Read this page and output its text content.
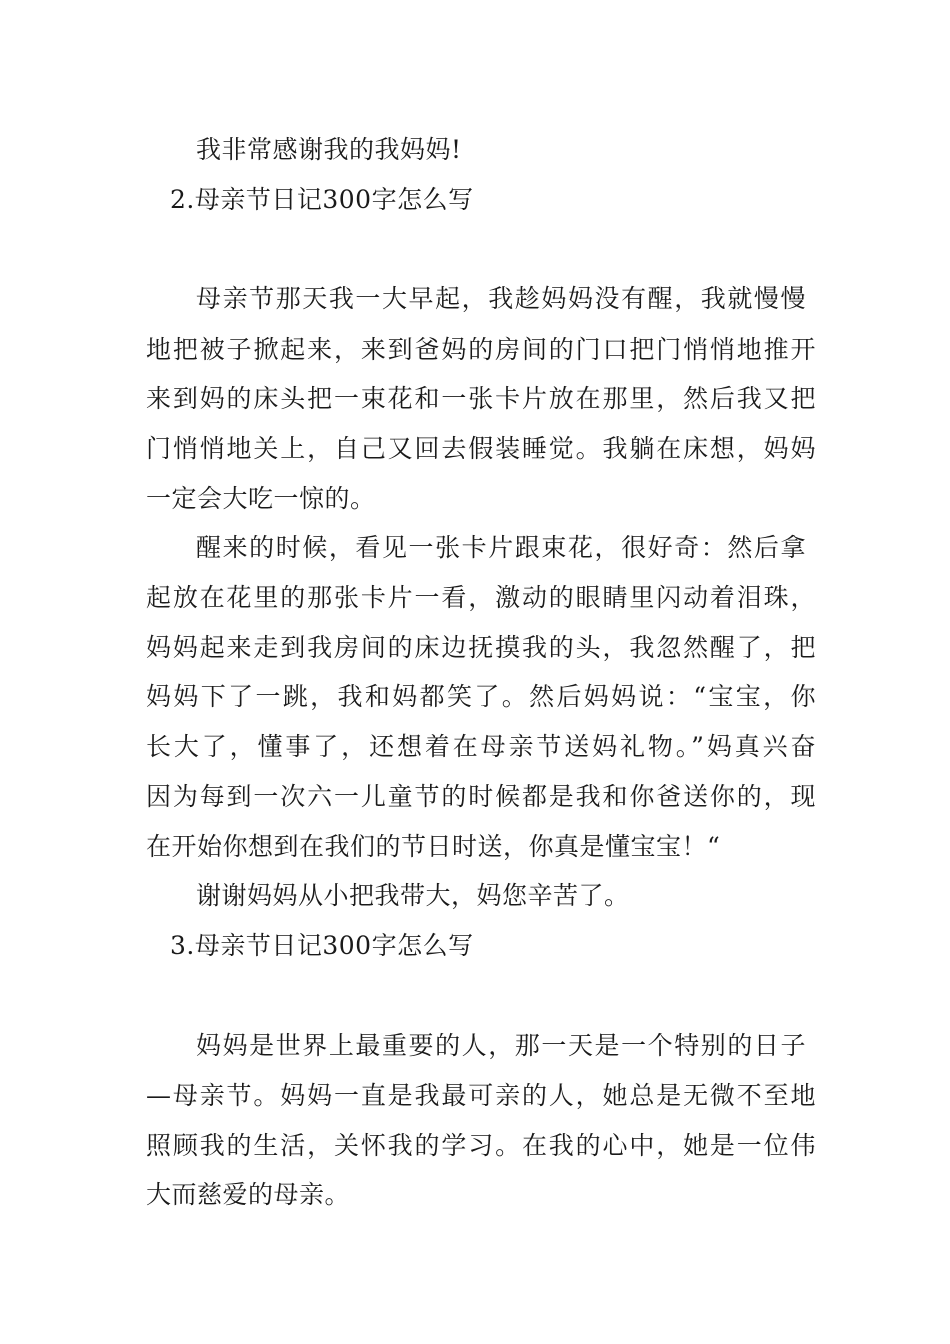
我非常感谢我的我妈妈!
2.母亲节日记300字怎么写
母亲节那天我一大早起，我趁妈妈没有醒，我就慢慢
地把被子掀起来，来到爸妈的房间的门口把门悄悄地推开
来到妈的床头把一束花和一张卡片放在那里，然后我又把
门悄悄地关上，自己又回去假装睡觉。我躺在床想，妈妈
一定会大吃一惊的。
醒来的时候，看见一张卡片跟束花，很好奇：然后拿
起放在花里的那张卡片一看，激动的眼睛里闪动着泪珠，
妈妈起来走到我房间的床边抚摸我的头，我忽然醒了，把
妈妈下了一跳，我和妈都笑了。然后妈妈说：“宝宝，你
长大了，懂事了，还想着在母亲节送妈礼物。”妈真兴奋
因为每到一次六一儿童节的时候都是我和你爸送你的，现
在开始你想到在我们的节日时送，你真是懂宝宝！“
谢谢妈妈从小把我带大，妈您辛苦了。
3.母亲节日记300字怎么写
妈妈是世界上最重要的人，那一天是一个特别的日子
—母亲节。妈妈一直是我最可亲的人，她总是无微不至地
照顾我的生活，关怀我的学习。在我的心中，她是一位伟
大而慈爱的母亲。
